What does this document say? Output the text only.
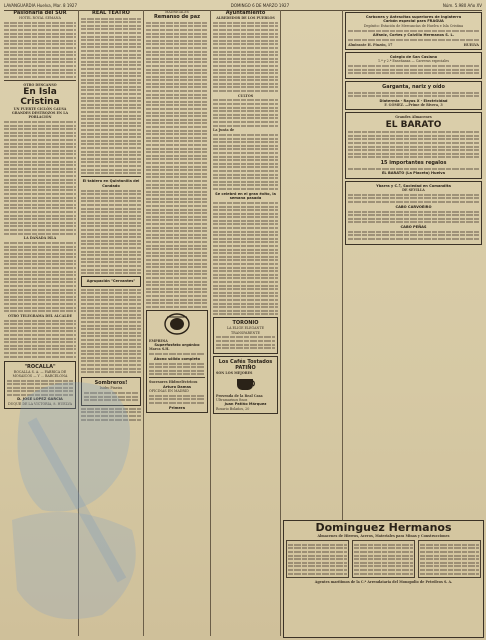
LAVANGUARDIA Huelva, Mar. 8 1927	DOMINGO 6 DE MARZO 1927	Núm. 5.980 Año XV
Pasionaria del SUR
HOTEL ROYAL SEMANA
OTRO DESCANSO
En Isla Cristina
UN FUERTE CICLÓN CAUSA GRANDES DESTROZOS EN LA POBLACIÓN
LA DAÑADA ISLA
OTRO TELEGRAMA DEL ALCALDE
"ROCALLA"
ROCALLA S. A. — FABRICA DE MOSAICOS — Y ... BARCELONA
D. JOSE LOPEZ GARCIA
DUQUE DE LA VICTORIA, 8. HUELVA
REAL TEATRO
El tablero en Quintanilla del Condado
Agrupación "Cervantes"
Sombreros!
Isidro Pineira
MADRIGALES
Remanso de paz
EMPRESA
Superfosfato orgánico
Marca S.H.
Abono sólido completo
Sucesores Hidroeléctricos
Arturo Damas
OFICINAS EN MADRID
Primera
Ayuntamiento
ALREDEDOR DE LOS PUEBLOS
CULTOS
La Junta de
Se celebró en el gran éxito, la semana pasada
TORONIO
LA ELIGE ELEGANTE TRANSPARENTE
Los Cafés Tostados PATIÑO
SON LOS MEJORES
Provenda de la Real Casa
Ultramarinos finos
Juan Patiño Márquez
Rosario Bolaños, 20
Carbones y Antracitas superiores de Inglaterra
Carbón especial para FRAGUA
Depósito: Estación de Mercancías de Huelva e Isla Cristina
Alfaniz, Cortes y Calvillo Hermanos S. L.
Almirante H. Pinzón, 17	HUELVA
Colegio de San Casiano
1.ª y 2.ª Enseñanza — Carreras especiales
Garganta, nariz y oído
Diatermia - Rayos X - Electricidad
F. GÓMEZ. —Prime de Rivera, 3
Grandes Almacenes
EL BARATO
15 importantes regalos
EL BARATO (La Placeta) Huelva
Ybarra y C.ª, Sociedad en Comandita
DE SEVILLA
CABO CARVOEIRO
CABO PEÑAS
Dominguez Hermanos
Almacenes de Hierros, Aceros, Materiales para Minas y Construcciones
Agentes marítimos de la C.ª Arrendataria del Monopolio de Petróleos S. A.
